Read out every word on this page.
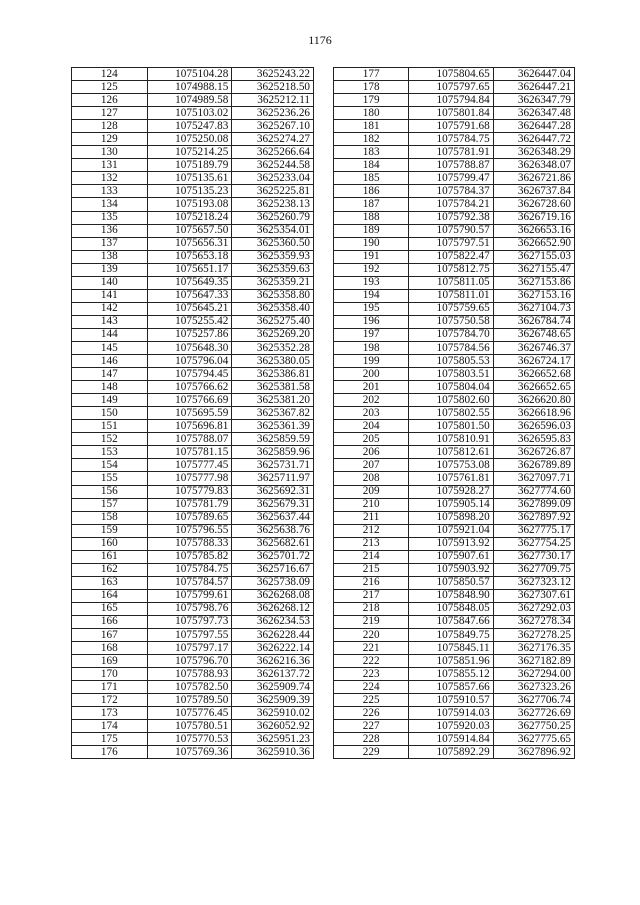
1176
124	1075104.28	3625243.22
125	1074988.15	3625218.50
126	1074989.58	3625212.11
127	1075103.02	3625236.26
128	1075247.83	3625267.10
129	1075250.08	3625274.27
130	1075214.25	3625266.64
131	1075189.79	3625244.58
132	1075135.61	3625233.04
133	1075135.23	3625225.81
134	1075193.08	3625238.13
135	1075218.24	3625260.79
136	1075657.50	3625354.01
137	1075656.31	3625360.50
138	1075653.18	3625359.93
139	1075651.17	3625359.63
140	1075649.35	3625359.21
141	1075647.33	3625358.80
142	1075645.21	3625358.40
143	1075255.42	3625275.40
144	1075257.86	3625269.20
145	1075648.30	3625352.28
146	1075796.04	3625380.05
147	1075794.45	3625386.81
148	1075766.62	3625381.58
149	1075766.69	3625381.20
150	1075695.59	3625367.82
151	1075696.81	3625361.39
152	1075788.07	3625859.59
153	1075781.15	3625859.96
154	1075777.45	3625731.71
155	1075777.98	3625711.97
156	1075779.83	3625692.31
157	1075781.79	3625679.31
158	1075789.65	3625637.44
159	1075796.55	3625638.76
160	1075788.33	3625682.61
161	1075785.82	3625701.72
162	1075784.75	3625716.67
163	1075784.57	3625738.09
164	1075799.61	3626268.08
165	1075798.76	3626268.12
166	1075797.73	3626234.53
167	1075797.55	3626228.44
168	1075797.17	3626222.14
169	1075796.70	3626216.36
170	1075788.93	3626137.72
171	1075782.50	3625909.74
172	1075789.50	3625909.39
173	1075776.45	3625910.02
174	1075780.51	3626052.92
175	1075770.53	3625951.23
176	1075769.36	3625910.36
177	1075804.65	3626447.04
178	1075797.65	3626447.21
179	1075794.84	3626347.79
180	1075801.84	3626347.48
181	1075791.68	3626447.28
182	1075784.75	3626447.72
183	1075781.91	3626348.29
184	1075788.87	3626348.07
185	1075799.47	3626721.86
186	1075784.37	3626737.84
187	1075784.21	3626728.60
188	1075792.38	3626719.16
189	1075790.57	3626653.16
190	1075797.51	3626652.90
191	1075822.47	3627155.03
192	1075812.75	3627155.47
193	1075811.05	3627153.86
194	1075811.01	3627153.16
195	1075759.65	3627104.73
196	1075750.58	3626784.74
197	1075784.70	3626748.65
198	1075784.56	3626746.37
199	1075805.53	3626724.17
200	1075803.51	3626652.68
201	1075804.04	3626652.65
202	1075802.60	3626620.80
203	1075802.55	3626618.96
204	1075801.50	3626596.03
205	1075810.91	3626595.83
206	1075812.61	3626726.87
207	1075753.08	3626789.89
208	1075761.81	3627097.71
209	1075928.27	3627774.60
210	1075905.14	3627899.09
211	1075898.20	3627897.92
212	1075921.04	3627775.17
213	1075913.92	3627754.25
214	1075907.61	3627730.17
215	1075903.92	3627709.75
216	1075850.57	3627323.12
217	1075848.90	3627307.61
218	1075848.05	3627292.03
219	1075847.66	3627278.34
220	1075849.75	3627278.25
221	1075845.11	3627176.35
222	1075851.96	3627182.89
223	1075855.12	3627294.00
224	1075857.66	3627323.26
225	1075910.57	3627706.74
226	1075914.03	3627726.69
227	1075920.03	3627750.25
228	1075914.84	3627775.65
229	1075892.29	3627896.92
